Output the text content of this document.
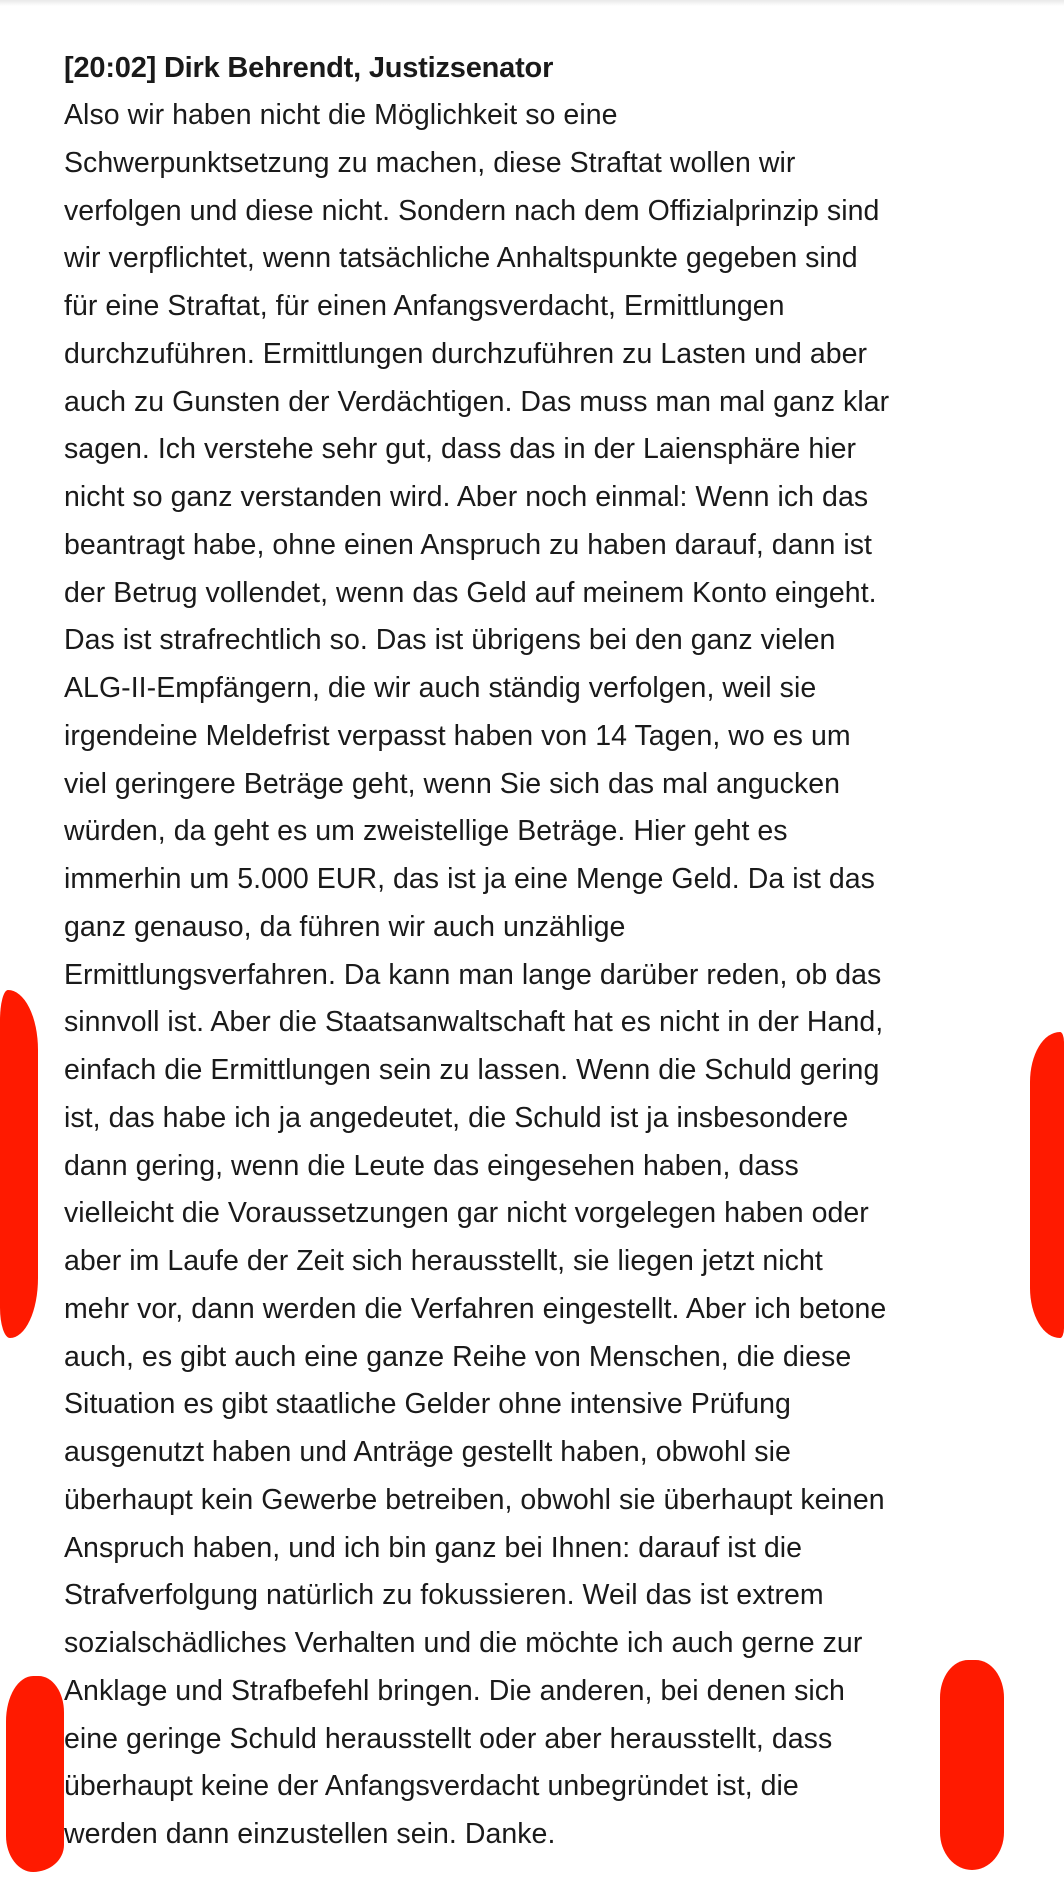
[20:02] Dirk Behrendt, Justizsenator

Also wir haben nicht die Möglichkeit so eine
Schwerpunktsetzung zu machen, diese Straftat wollen wir
verfolgen und diese nicht. Sondern nach dem Offizialprinzip sind
wir verpflichtet, wenn tatsächliche Anhaltspunkte gegeben sind
für eine Straftat, für einen Anfangsverdacht, Ermittlungen
durchzuführen. Ermittlungen durchzuführen zu Lasten und aber
auch zu Gunsten der Verdächtigen. Das muss man mal ganz klar
sagen. Ich verstehe sehr gut, dass das in der Laiensphäre hier
nicht so ganz verstanden wird. Aber noch einmal: Wenn ich das
beantragt habe, ohne einen Anspruch zu haben darauf, dann ist
der Betrug vollendet, wenn das Geld auf meinem Konto eingeht.
Das ist strafrechtlich so. Das ist übrigens bei den ganz vielen
ALG-II-Empfängern, die wir auch ständig verfolgen, weil sie
irgendeine Meldefrist verpasst haben von 14 Tagen, wo es um
viel geringere Beträge geht, wenn Sie sich das mal angucken
würden, da geht es um zweistellige Beträge. Hier geht es
immerhin um 5.000 EUR, das ist ja eine Menge Geld. Da ist das
ganz genauso, da führen wir auch unzählige
Ermittlungsverfahren. Da kann man lange darüber reden, ob das
sinnvoll ist. Aber die Staatsanwaltschaft hat es nicht in der Hand,
einfach die Ermittlungen sein zu lassen. Wenn die Schuld gering
ist, das habe ich ja angedeutet, die Schuld ist ja insbesondere
dann gering, wenn die Leute das eingesehen haben, dass
vielleicht die Voraussetzungen gar nicht vorgelegen haben oder
aber im Laufe der Zeit sich herausstellt, sie liegen jetzt nicht
mehr vor, dann werden die Verfahren eingestellt. Aber ich betone
auch, es gibt auch eine ganze Reihe von Menschen, die diese
Situation es gibt staatliche Gelder ohne intensive Prüfung
ausgenutzt haben und Anträge gestellt haben, obwohl sie
überhaupt kein Gewerbe betreiben, obwohl sie überhaupt keinen
Anspruch haben, und ich bin ganz bei Ihnen: darauf ist die
Strafverfolgung natürlich zu fokussieren. Weil das ist extrem
sozialschädliches Verhalten und die möchte ich auch gerne zur
Anklage und Strafbefehl bringen. Die anderen, bei denen sich
eine geringe Schuld herausstellt oder aber herausstellt, dass
überhaupt keine der Anfangsverdacht unbegründet ist, die
werden dann einzustellen sein. Danke.
